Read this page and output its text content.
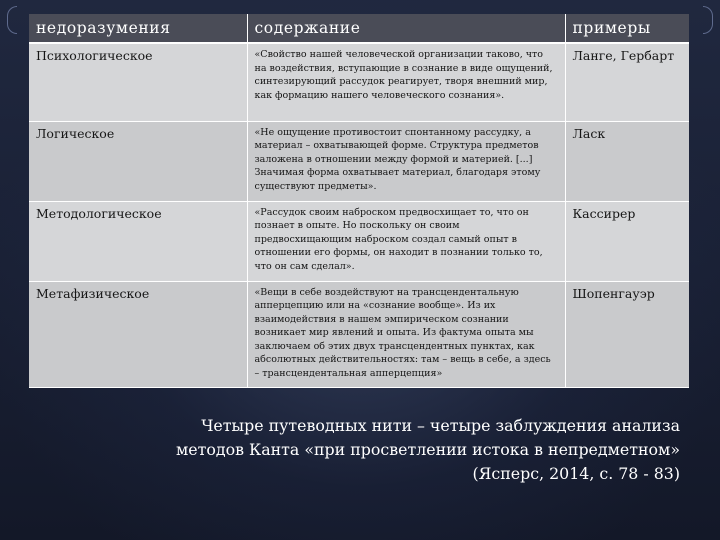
недоразумения	содержание	примеры
Психологическое	«Свойство нашей человеческой организации таково, что на воздействия, вступающие в сознание в виде ощущений, синтезирующий рассудок реагирует, творя внешний мир, как формацию нашего человеческого сознания».	Ланге, Гербарт
Логическое	«Не ощущение противостоит спонтанному рассудку, а материал – охватывающей форме. Структура предметов заложена в отношении между формой и материей. [...] Значимая форма охватывает материал, благодаря этому существуют предметы».	Ласк
Методологическое	«Рассудок своим наброском предвосхищает то, что он познает в опыте. Но поскольку он своим предвосхищающим наброском создал самый опыт в отношении его формы, он находит в познании только то, что он сам сделал».	Кассирер
Метафизическое	«Вещи в себе воздействуют на трансцендентальную апперцепцию или на «сознание вообще». Из их взаимодействия в нашем эмпирическом сознании возникает мир явлений и опыта. Из фактума опыта мы заключаем об этих двух трансцендентных пунктах, как абсолютных действительностях: там – вещь в себе, а здесь – трансцендентальная апперцепция»	Шопенгауэр
Четыре путеводных нити – четыре заблуждения анализа
методов Канта «при просветлении истока в непредметном»
(Ясперс, 2014, с. 78 - 83)
